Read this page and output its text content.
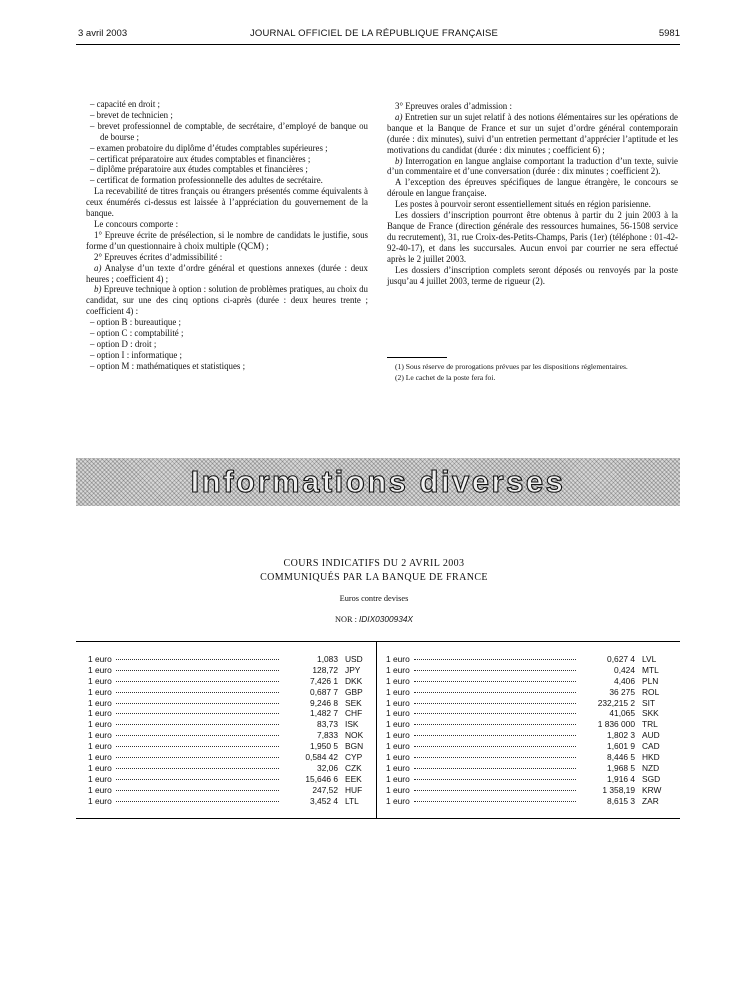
3 avril 2003	JOURNAL OFFICIEL DE LA RÉPUBLIQUE FRANÇAISE	5981

– capacité en droit ;

– brevet de technicien ;

– brevet professionnel de comptable, de secrétaire, d’employé de banque ou de bourse ;

– examen probatoire du diplôme d’études comptables supérieures ;

– certificat préparatoire aux études comptables et financières ;

– diplôme préparatoire aux études comptables et financières ;

– certificat de formation professionnelle des adultes de secrétaire.

La recevabilité de titres français ou étrangers présentés comme équivalents à ceux énumérés ci-dessus est laissée à l’appréciation du gouvernement de la banque.

Le concours comporte :

1° Epreuve écrite de présélection, si le nombre de candidats le justifie, sous forme d’un questionnaire à choix multiple (QCM) ;

2° Epreuves écrites d’admissibilité :

a) Analyse d’un texte d’ordre général et questions annexes (durée : deux heures ; coefficient 4) ;

b) Epreuve technique à option : solution de problèmes pratiques, au choix du candidat, sur une des cinq options ci-après (durée : deux heures trente ; coefficient 4) :

– option B : bureautique ;

– option C : comptabilité ;

– option D : droit ;

– option I : informatique ;

– option M : mathématiques et statistiques ;

3° Epreuves orales d’admission :

a) Entretien sur un sujet relatif à des notions élémentaires sur les opérations de banque et la Banque de France et sur un sujet d’ordre général contemporain (durée : dix minutes), suivi d’un entretien permettant d’apprécier l’aptitude et les motivations du candidat (durée : dix minutes ; coefficient 6) ;

b) Interrogation en langue anglaise comportant la traduction d’un texte, suivie d’un commentaire et d’une conversation (durée : dix minutes ; coefficient 2).

A l’exception des épreuves spécifiques de langue étrangère, le concours se déroule en langue française.

Les postes à pourvoir seront essentiellement situés en région parisienne.

Les dossiers d’inscription pourront être obtenus à partir du 2 juin 2003 à la Banque de France (direction générale des ressources humaines, 56-1508 service du recrutement), 31, rue Croix-des-Petits-Champs, Paris (1er) (téléphone : 01-42-92-40-17), et dans les succursales. Aucun envoi par courrier ne sera effectué après le 2 juillet 2003.

Les dossiers d’inscription complets seront déposés ou renvoyés par la poste jusqu’au 4 juillet 2003, terme de rigueur (2).

(1) Sous réserve de prorogations prévues par les dispositions réglementaires.

(2) Le cachet de la poste fera foi.

Informations diverses
COURS INDICATIFS DU 2 AVRIL 2003
COMMUNIQUÉS PAR LA BANQUE DE FRANCE
Euros contre devises
NOR : IDIX0300934X
1 euro	1,083 USD
1 euro	128,72 JPY
1 euro	7,426 1 DKK
1 euro	0,687 7 GBP
1 euro	9,246 8 SEK
1 euro	1,482 7 CHF
1 euro	83,73 ISK
1 euro	7,833 NOK
1 euro	1,950 5 BGN
1 euro	0,584 42 CYP
1 euro	32,06 CZK
1 euro	15,646 6 EEK
1 euro	247,52 HUF
1 euro	3,452 4 LTL
1 euro	0,627 4 LVL
1 euro	0,424 MTL
1 euro	4,406 PLN
1 euro	36 275 ROL
1 euro	232,215 2 SIT
1 euro	41,065 SKK
1 euro	1 836 000 TRL
1 euro	1,802 3 AUD
1 euro	1,601 9 CAD
1 euro	8,446 5 HKD
1 euro	1,968 5 NZD
1 euro	1,916 4 SGD
1 euro	1 358,19 KRW
1 euro	8,615 3 ZAR
